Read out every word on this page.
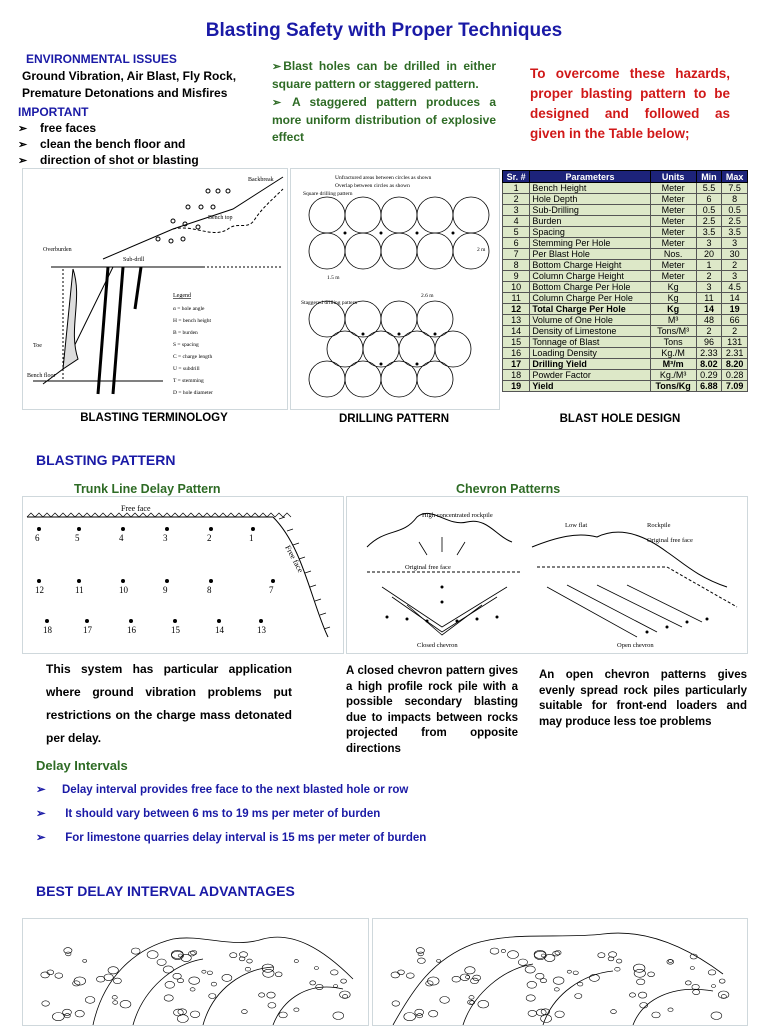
Blasting Safety with Proper Techniques
ENVIRONMENTAL ISSUES
Ground Vibration, Air Blast, Fly Rock, Premature Detonations and Misfires
IMPORTANT
➢ free faces
➢ clean the bench floor and
➢ direction of shot or blasting
➢ Blast holes can be drilled in either square pattern or staggered pattern.
➢ A staggered pattern produces a more uniform distribution of explosive effect
To overcome these hazards, proper blasting pattern to be designed and followed as given in the Table below;
Backbreak
Bench top
Overburden
Sub-drill
Toe
Bench floor
Legend
α = hole angle
H = bench height
B = burden
S = spacing
C = charge length
U = subdrill
T = stemming
D = hole diameter
Unfractured areas between circles as shown
Overlap between circles as shown
Square drilling pattern
Staggered drilling pattern
2 m
2.6 m
1.5 m
BLASTING TERMINOLOGY	DRILLING PATTERN	BLAST HOLE DESIGN
Sr. #	Parameters	Units	Min	Max
1	Bench Height	Meter	5.5	7.5
2	Hole Depth	Meter	6	8
3	Sub-Drilling	Meter	0.5	0.5
4	Burden	Meter	2.5	2.5
5	Spacing	Meter	3.5	3.5
6	Stemming Per Hole	Meter	3	3
7	Per Blast Hole	Nos.	20	30
8	Bottom Charge Height	Meter	1	2
9	Column Charge Height	Meter	2	3
10	Bottom Charge Per Hole	Kg	3	4.5
11	Column Charge Per Hole	Kg	11	14
12	Total Charge Per Hole	Kg	14	19
13	Volume of One Hole	M³	48	66
14	Density of Limestone	Tons/M³	2	2
15	Tonnage of Blast	Tons	96	131
16	Loading Density	Kg./M	2.33	2.31
17	Drilling Yield	M³/m	8.02	8.20
18	Powder Factor	Kg./M³	0.29	0.28
19	Yield	Tons/Kg	6.88	7.09
BLASTING PATTERN
Trunk Line Delay Pattern	Chevron Patterns
Free face
Free face
6	5	4	3	2	1
12	11	10	9	8	7
18	17	16	15	14	13
High concentrated rockpile
Original free face
Closed chevron
Low flat	Rockpile
Original free face
Open chevron
This system has particular application where ground vibration problems put restrictions on the charge mass detonated per delay.
A closed chevron pattern gives a high profile rock pile with a possible secondary blasting due to impacts between rocks projected from opposite directions
An open chevron patterns gives evenly spread rock piles particularly suitable for front-end loaders and may produce less toe problems
Delay Intervals
➢ Delay interval provides free face to the next blasted hole or row
➢ It should vary between 6 ms to 19 ms per meter of burden
➢ For limestone quarries delay interval is 15 ms per meter of burden
BEST DELAY INTERVAL ADVANTAGES
